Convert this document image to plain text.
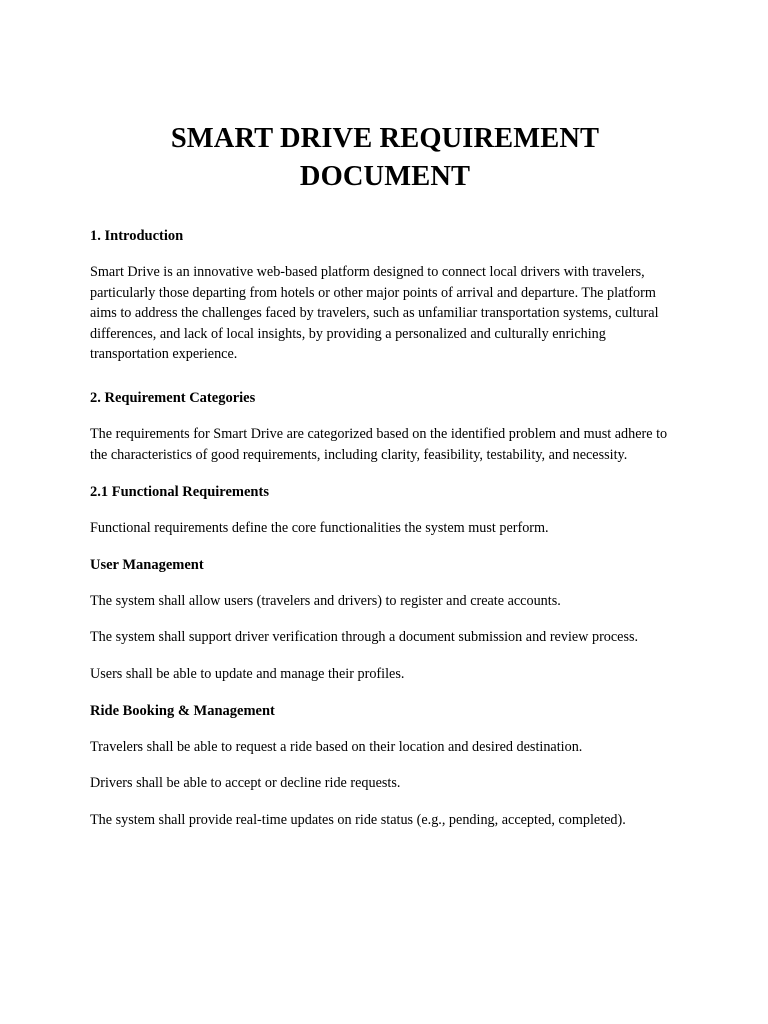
SMART DRIVE REQUIREMENT
DOCUMENT
1. Introduction

Smart Drive is an innovative web-based platform designed to connect local drivers with travelers, particularly those departing from hotels or other major points of arrival and departure. The platform aims to address the challenges faced by travelers, such as unfamiliar transportation systems, cultural differences, and lack of local insights, by providing a personalized and culturally enriching transportation experience.

2. Requirement Categories

The requirements for Smart Drive are categorized based on the identified problem and must adhere to the characteristics of good requirements, including clarity, feasibility, testability, and necessity.

2.1 Functional Requirements

Functional requirements define the core functionalities the system must perform.

User Management

The system shall allow users (travelers and drivers) to register and create accounts.

The system shall support driver verification through a document submission and review process.

Users shall be able to update and manage their profiles.

Ride Booking & Management

Travelers shall be able to request a ride based on their location and desired destination.

Drivers shall be able to accept or decline ride requests.

The system shall provide real-time updates on ride status (e.g., pending, accepted, completed).
